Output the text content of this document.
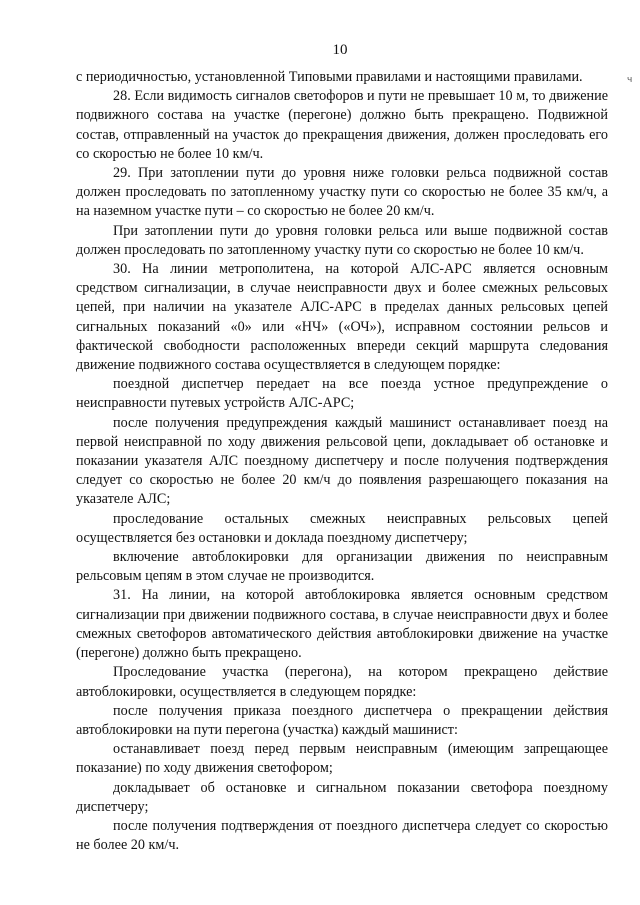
10
ч

с периодичностью, установленной Типовыми правилами и настоящими правилами.

28. Если видимость сигналов светофоров и пути не превышает 10 м, то движение подвижного состава на участке (перегоне) должно быть прекращено. Подвижной состав, отправленный на участок до прекращения движения, должен проследовать его со скоростью не более 10 км/ч.

29. При затоплении пути до уровня ниже головки рельса подвижной состав должен проследовать по затопленному участку пути со скоростью не более 35 км/ч, а на наземном участке пути – со скоростью не более 20 км/ч.

При затоплении пути до уровня головки рельса или выше подвижной состав должен проследовать по затопленному участку пути со скоростью не более 10 км/ч.

30. На линии метрополитена, на которой АЛС-АРС является основным средством сигнализации, в случае неисправности двух и более смежных рельсовых цепей, при наличии на указателе АЛС-АРС в пределах данных рельсовых цепей сигнальных показаний «0» или «НЧ» («ОЧ»), исправном состоянии рельсов и фактической свободности расположенных впереди секций маршрута следования движение подвижного состава осуществляется в следующем порядке:

поездной диспетчер передает на все поезда устное предупреждение о неисправности путевых устройств АЛС-АРС;

после получения предупреждения каждый машинист останавливает поезд на первой неисправной по ходу движения рельсовой цепи, докладывает об остановке и показании указателя АЛС поездному диспетчеру и после получения подтверждения следует со скоростью не более 20 км/ч до появления разрешающего показания на указателе АЛС;

проследование остальных смежных неисправных рельсовых цепей осуществляется без остановки и доклада поездному диспетчеру;

включение автоблокировки для организации движения по неисправным рельсовым цепям в этом случае не производится.

31. На линии, на которой автоблокировка является основным средством сигнализации при движении подвижного состава, в случае неисправности двух и более смежных светофоров автоматического действия автоблокировки движение на участке (перегоне) должно быть прекращено.

Проследование участка (перегона), на котором прекращено действие автоблокировки, осуществляется в следующем порядке:

после получения приказа поездного диспетчера о прекращении действия автоблокировки на пути перегона (участка) каждый машинист:

останавливает поезд перед первым неисправным (имеющим запрещающее показание) по ходу движения светофором;

докладывает об остановке и сигнальном показании светофора поездному диспетчеру;

после получения подтверждения от поездного диспетчера следует со скоростью не более 20 км/ч.
